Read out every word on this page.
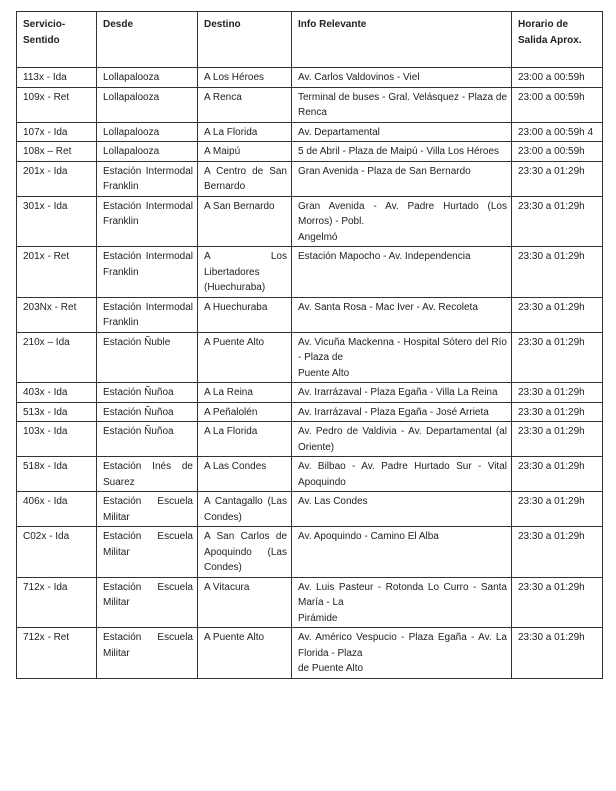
Servicio-
Sentido	Desde	Destino	Info Relevante	Horario de
Salida Aprox.
113x - Ida	Lollapalooza	A Los Héroes	Av. Carlos Valdovinos - Viel	23:00 a 00:59h
109x - Ret	Lollapalooza	A Renca	Terminal de buses - Gral. Velásquez - Plaza de Renca	23:00 a 00:59h
107x - Ida	Lollapalooza	A La Florida	Av. Departamental	23:00 a 00:59h 4
108x – Ret	Lollapalooza	A Maipú	5 de Abril - Plaza de Maipú - Villa Los Héroes	23:00 a 00:59h
201x - Ida	Estación Intermodal Franklin	A Centro de San Bernardo	Gran Avenida - Plaza de San Bernardo	23:30 a 01:29h
301x - Ida	Estación Intermodal Franklin	A San Bernardo	Gran Avenida - Av. Padre Hurtado (Los Morros) - Pobl.
Angelmó	23:30 a 01:29h
201x - Ret	Estación Intermodal Franklin	A Los Libertadores (Huechuraba)	Estación Mapocho - Av. Independencia	23:30 a 01:29h
203Nx - Ret	Estación Intermodal Franklin	A Huechuraba	Av. Santa Rosa - Mac Iver - Av. Recoleta	23:30 a 01:29h
210x – Ida	Estación Ñuble	A Puente Alto	Av. Vicuña Mackenna - Hospital Sótero del Río - Plaza de
Puente Alto	23:30 a 01:29h
403x - Ida	Estación Ñuñoa	A La Reina	Av. Irarrázaval - Plaza Egaña - Villa La Reina	23:30 a 01:29h
513x - Ida	Estación Ñuñoa	A Peñalolén	Av. Irarrázaval - Plaza Egaña - José Arrieta	23:30 a 01:29h
103x - Ida	Estación Ñuñoa	A La Florida	Av. Pedro de Valdivia - Av. Departamental (al Oriente)	23:30 a 01:29h
518x - Ida	Estación Inés de Suarez	A Las Condes	Av. Bilbao - Av. Padre Hurtado Sur - Vital Apoquindo	23:30 a 01:29h
406x - Ida	Estación Escuela Militar	A Cantagallo (Las Condes)	Av. Las Condes	23:30 a 01:29h
C02x - Ida	Estación Escuela Militar	A San Carlos de Apoquindo (Las Condes)	Av. Apoquindo - Camino El Alba	23:30 a 01:29h
712x - Ida	Estación Escuela Militar	A Vitacura	Av. Luis Pasteur - Rotonda Lo Curro - Santa María - La
Pirámide	23:30 a 01:29h
712x - Ret	Estación Escuela Militar	A Puente Alto	Av. Américo Vespucio - Plaza Egaña - Av. La Florida - Plaza
de Puente Alto	23:30 a 01:29h
